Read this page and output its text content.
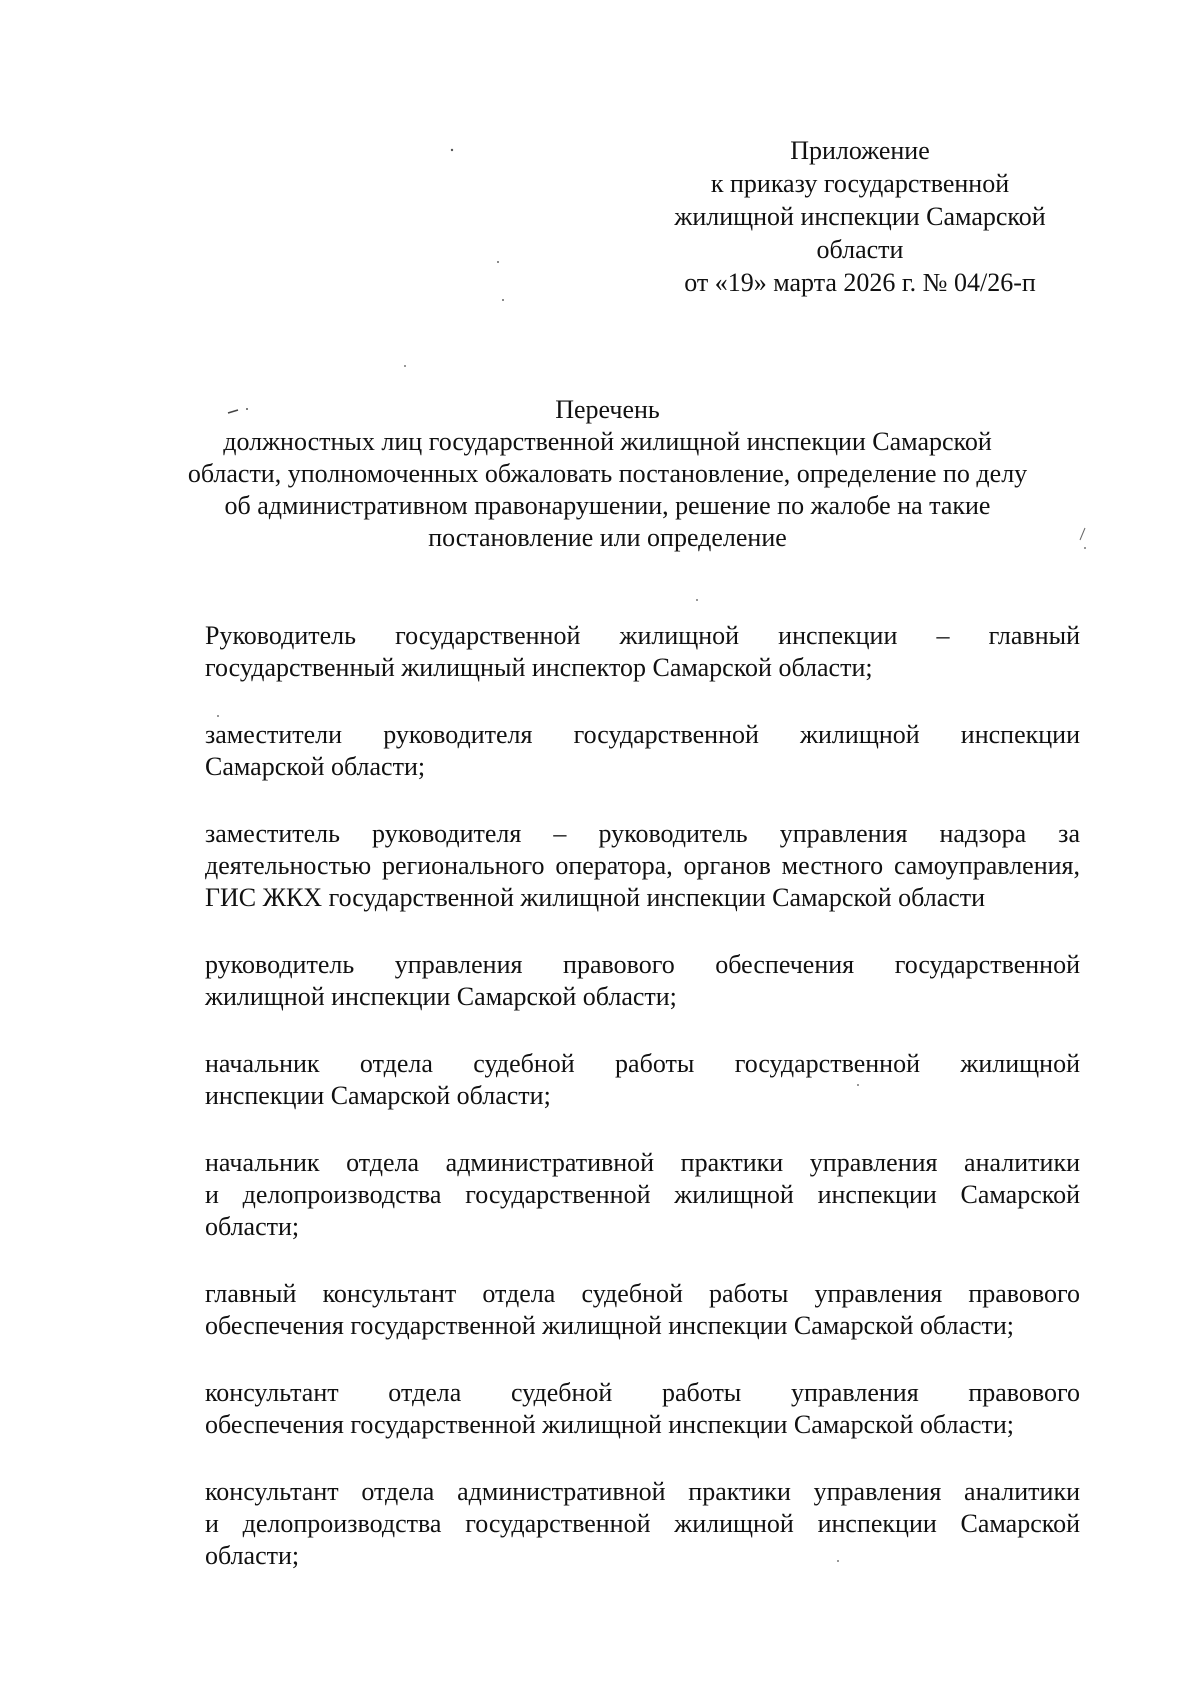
Приложение
к приказу государственной
жилищной инспекции Самарской
области
от «19» марта 2026 г. № 04/26-п
Перечень
должностных лиц государственной жилищной инспекции Самарской
области, уполномоченных обжаловать постановление, определение по делу
об административном правонарушении, решение по жалобе на такие
постановление или определение

Руководитель государственной жилищной инспекции – главный
государственный жилищный инспектор Самарской области;

заместители руководителя государственной жилищной инспекции
Самарской области;

заместитель руководителя – руководитель управления надзора за
деятельностью регионального оператора, органов местного самоуправления,
ГИС ЖКХ государственной жилищной инспекции Самарской области

руководитель управления правового обеспечения государственной
жилищной инспекции Самарской области;

начальник отдела судебной работы государственной жилищной
инспекции Самарской области;

начальник отдела административной практики управления аналитики
и делопроизводства государственной жилищной инспекции Самарской
области;

главный консультант отдела судебной работы управления правового
обеспечения государственной жилищной инспекции Самарской области;

консультант отдела судебной работы управления правового
обеспечения государственной жилищной инспекции Самарской области;

консультант отдела административной практики управления аналитики
и делопроизводства государственной жилищной инспекции Самарской
области;
